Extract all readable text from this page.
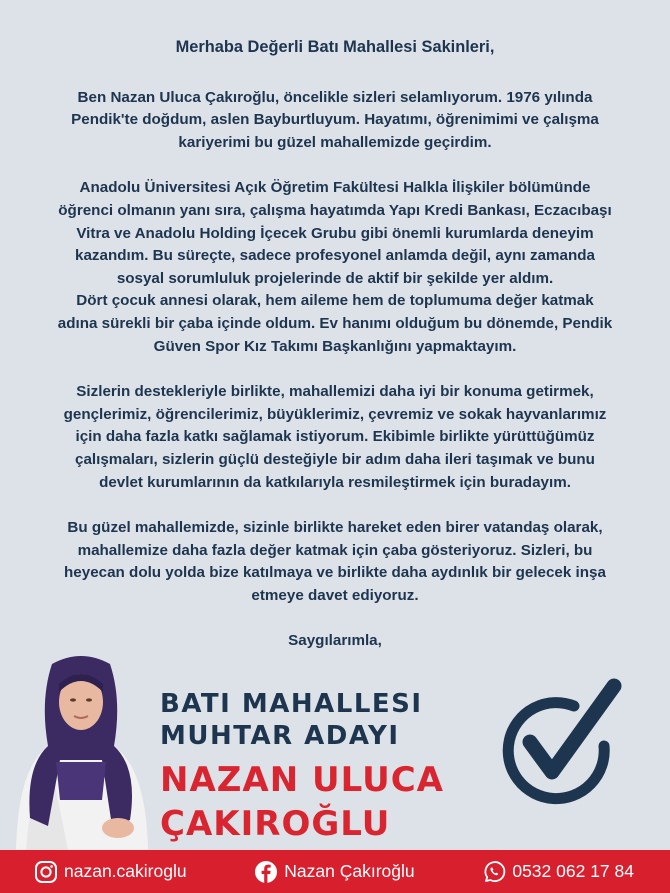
Merhaba Değerli Batı Mahallesi Sakinleri,

Ben Nazan Uluca Çakıroğlu, öncelikle sizleri selamlıyorum. 1976 yılında

Pendik'te doğdum, aslen Bayburtluyum. Hayatımı, öğrenimimi ve çalışma

kariyerimi bu güzel mahallemizde geçirdim.

Anadolu Üniversitesi Açık Öğretim Fakültesi Halkla İlişkiler bölümünde

öğrenci olmanın yanı sıra, çalışma hayatımda Yapı Kredi Bankası, Eczacıbaşı

Vitra ve Anadolu Holding İçecek Grubu gibi önemli kurumlarda deneyim

kazandım. Bu süreçte, sadece profesyonel anlamda değil, aynı zamanda

sosyal sorumluluk projelerinde de aktif bir şekilde yer aldım.

Dört çocuk annesi olarak, hem aileme hem de toplumuma değer katmak

adına sürekli bir çaba içinde oldum. Ev hanımı olduğum bu dönemde, Pendik

Güven Spor Kız Takımı Başkanlığını yapmaktayım.

Sizlerin destekleriyle birlikte, mahallemizi daha iyi bir konuma getirmek,

gençlerimiz, öğrencilerimiz, büyüklerimiz, çevremiz ve sokak hayvanlarımız

için daha fazla katkı sağlamak istiyorum. Ekibimle birlikte yürüttüğümüz

çalışmaları, sizlerin güçlü desteğiyle bir adım daha ileri taşımak ve bunu

devlet kurumlarının da katkılarıyla resmileştirmek için buradayım.

Bu güzel mahallemizde, sizinle birlikte hareket eden birer vatandaş olarak,

mahallemize daha fazla değer katmak için çaba gösteriyoruz. Sizleri, bu

heyecan dolu yolda bize katılmaya ve birlikte daha aydınlık bir gelecek inşa

etmeye davet ediyoruz.

Saygılarımla,

BATI MAHALLESI
MUHTAR ADAYI
NAZAN ULUCA
ÇAKIROĞLU
nazan.cakiroglu	Nazan Çakıroğlu	0532 062 17 84
